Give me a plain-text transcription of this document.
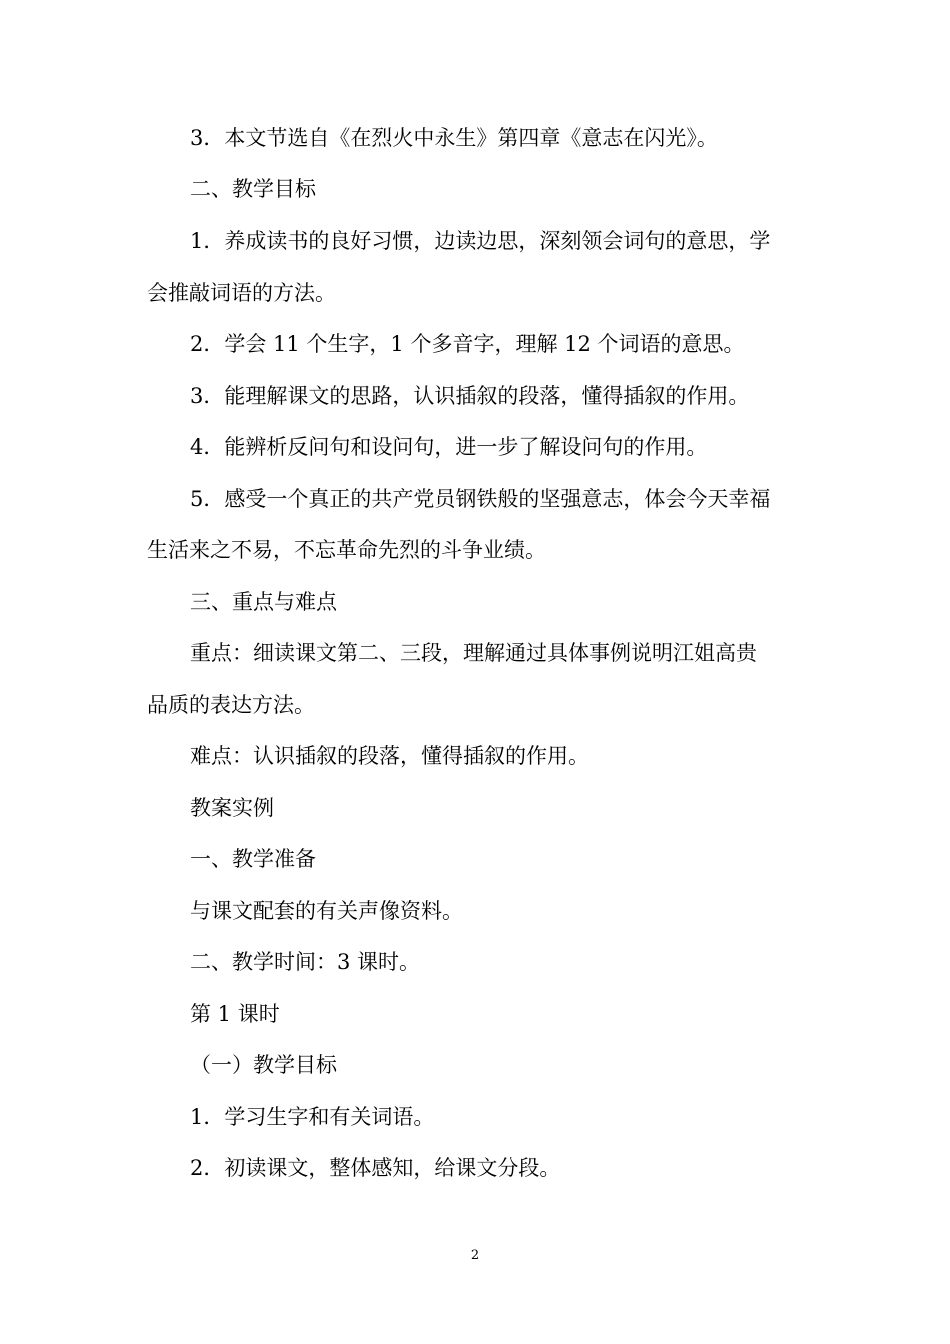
3．本文节选自《在烈火中永生》第四章《意志在闪光》。
二、教学目标
1．养成读书的良好习惯，边读边思，深刻领会词句的意思，学
会推敲词语的方法。
2．学会 11 个生字，1 个多音字，理解 12 个词语的意思。
3．能理解课文的思路，认识插叙的段落，懂得插叙的作用。
4．能辨析反问句和设问句，进一步了解设问句的作用。
5．感受一个真正的共产党员钢铁般的坚强意志，体会今天幸福
生活来之不易，不忘革命先烈的斗争业绩。
三、重点与难点
重点：细读课文第二、三段，理解通过具体事例说明江姐高贵
品质的表达方法。
难点：认识插叙的段落，懂得插叙的作用。
教案实例
一、教学准备
与课文配套的有关声像资料。
二、教学时间：3 课时。
第 1 课时
（一）教学目标
1．学习生字和有关词语。
2．初读课文，整体感知，给课文分段。
2
